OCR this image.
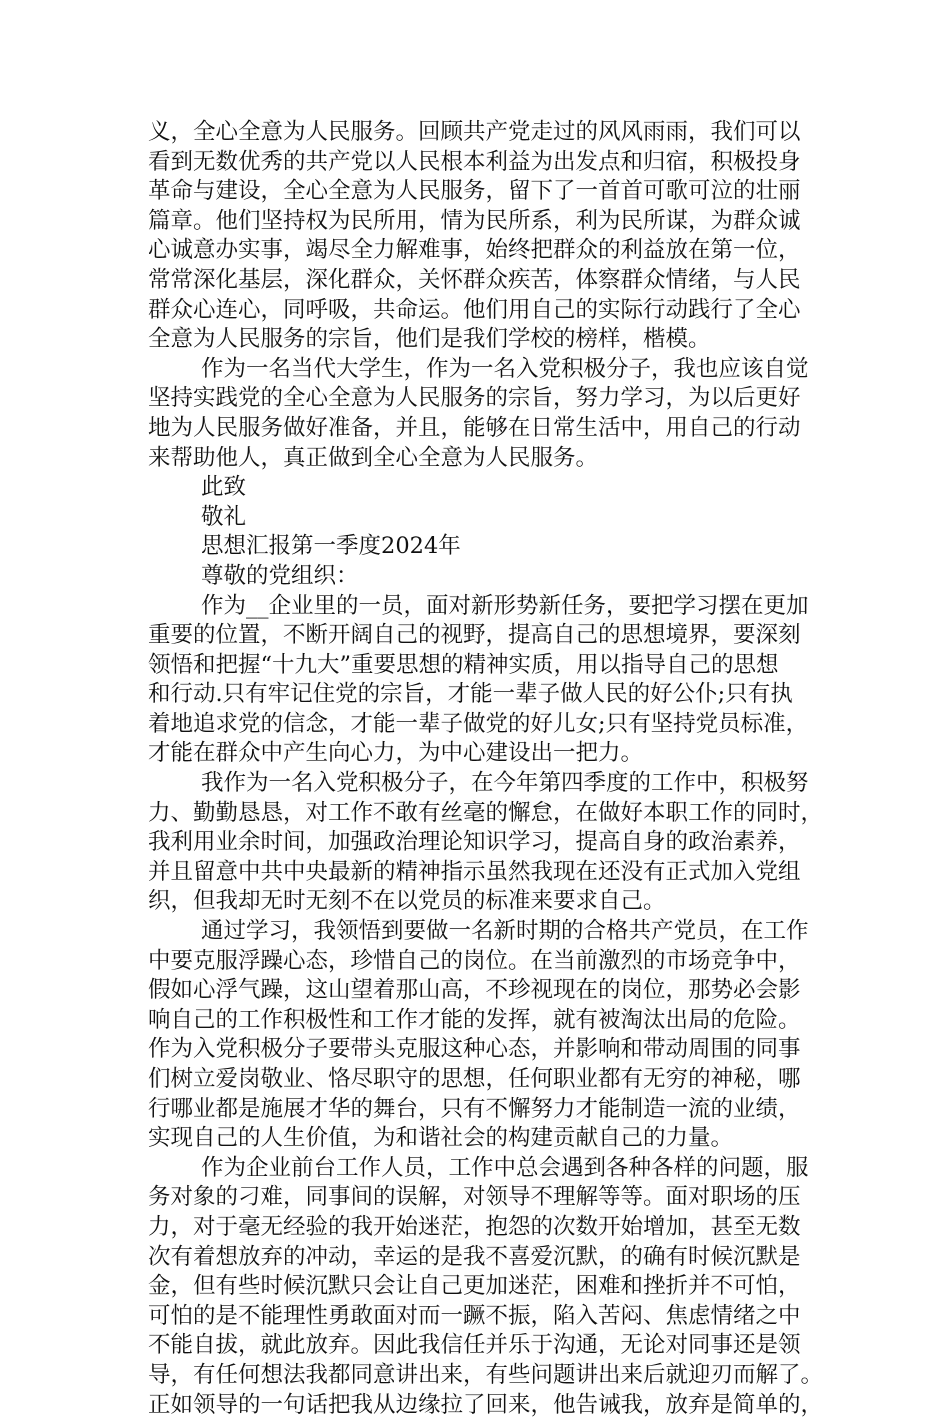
义，全心全意为人民服务。回顾共产党走过的风风雨雨，我们可以
看到无数优秀的共产党以人民根本利益为出发点和归宿，积极投身
革命与建设，全心全意为人民服务，留下了一首首可歌可泣的壮丽
篇章。他们坚持权为民所用，情为民所系，利为民所谋，为群众诚
心诚意办实事，竭尽全力解难事，始终把群众的利益放在第一位，
常常深化基层，深化群众，关怀群众疾苦，体察群众情绪，与人民
群众心连心，同呼吸，共命运。他们用自己的实际行动践行了全心
全意为人民服务的宗旨，他们是我们学校的榜样，楷模。
作为一名当代大学生，作为一名入党积极分子，我也应该自觉
坚持实践党的全心全意为人民服务的宗旨，努力学习，为以后更好
地为人民服务做好准备，并且，能够在日常生活中，用自己的行动
来帮助他人，真正做到全心全意为人民服务。
此致
敬礼
思想汇报第一季度2024年
尊敬的党组织：
作为__企业里的一员，面对新形势新任务，要把学习摆在更加
重要的位置，不断开阔自己的视野，提高自己的思想境界，要深刻
领悟和把握“十九大”重要思想的精神实质，用以指导自己的思想
和行动.只有牢记住党的宗旨，才能一辈子做人民的好公仆;只有执
着地追求党的信念，才能一辈子做党的好儿女;只有坚持党员标准，
才能在群众中产生向心力，为中心建设出一把力。
我作为一名入党积极分子，在今年第四季度的工作中，积极努
力、勤勤恳恳，对工作不敢有丝毫的懈怠，在做好本职工作的同时，
我利用业余时间，加强政治理论知识学习，提高自身的政治素养，
并且留意中共中央最新的精神指示虽然我现在还没有正式加入党组
织，但我却无时无刻不在以党员的标准来要求自己。
通过学习，我领悟到要做一名新时期的合格共产党员，在工作
中要克服浮躁心态，珍惜自己的岗位。在当前激烈的市场竞争中，
假如心浮气躁，这山望着那山高，不珍视现在的岗位，那势必会影
响自己的工作积极性和工作才能的发挥，就有被淘汰出局的危险。
作为入党积极分子要带头克服这种心态，并影响和带动周围的同事
们树立爱岗敬业、恪尽职守的思想，任何职业都有无穷的神秘，哪
行哪业都是施展才华的舞台，只有不懈努力才能制造一流的业绩，
实现自己的人生价值，为和谐社会的构建贡献自己的力量。
作为企业前台工作人员，工作中总会遇到各种各样的问题，服
务对象的刁难，同事间的误解，对领导不理解等等。面对职场的压
力，对于毫无经验的我开始迷茫，抱怨的次数开始增加，甚至无数
次有着想放弃的冲动，幸运的是我不喜爱沉默，的确有时候沉默是
金，但有些时候沉默只会让自己更加迷茫，困难和挫折并不可怕，
可怕的是不能理性勇敢面对而一蹶不振，陷入苦闷、焦虑情绪之中
不能自拔，就此放弃。因此我信任并乐于沟通，无论对同事还是领
导，有任何想法我都同意讲出来，有些问题讲出来后就迎刃而解了。
正如领导的一句话把我从边缘拉了回来，他告诫我，放弃是简单的，
